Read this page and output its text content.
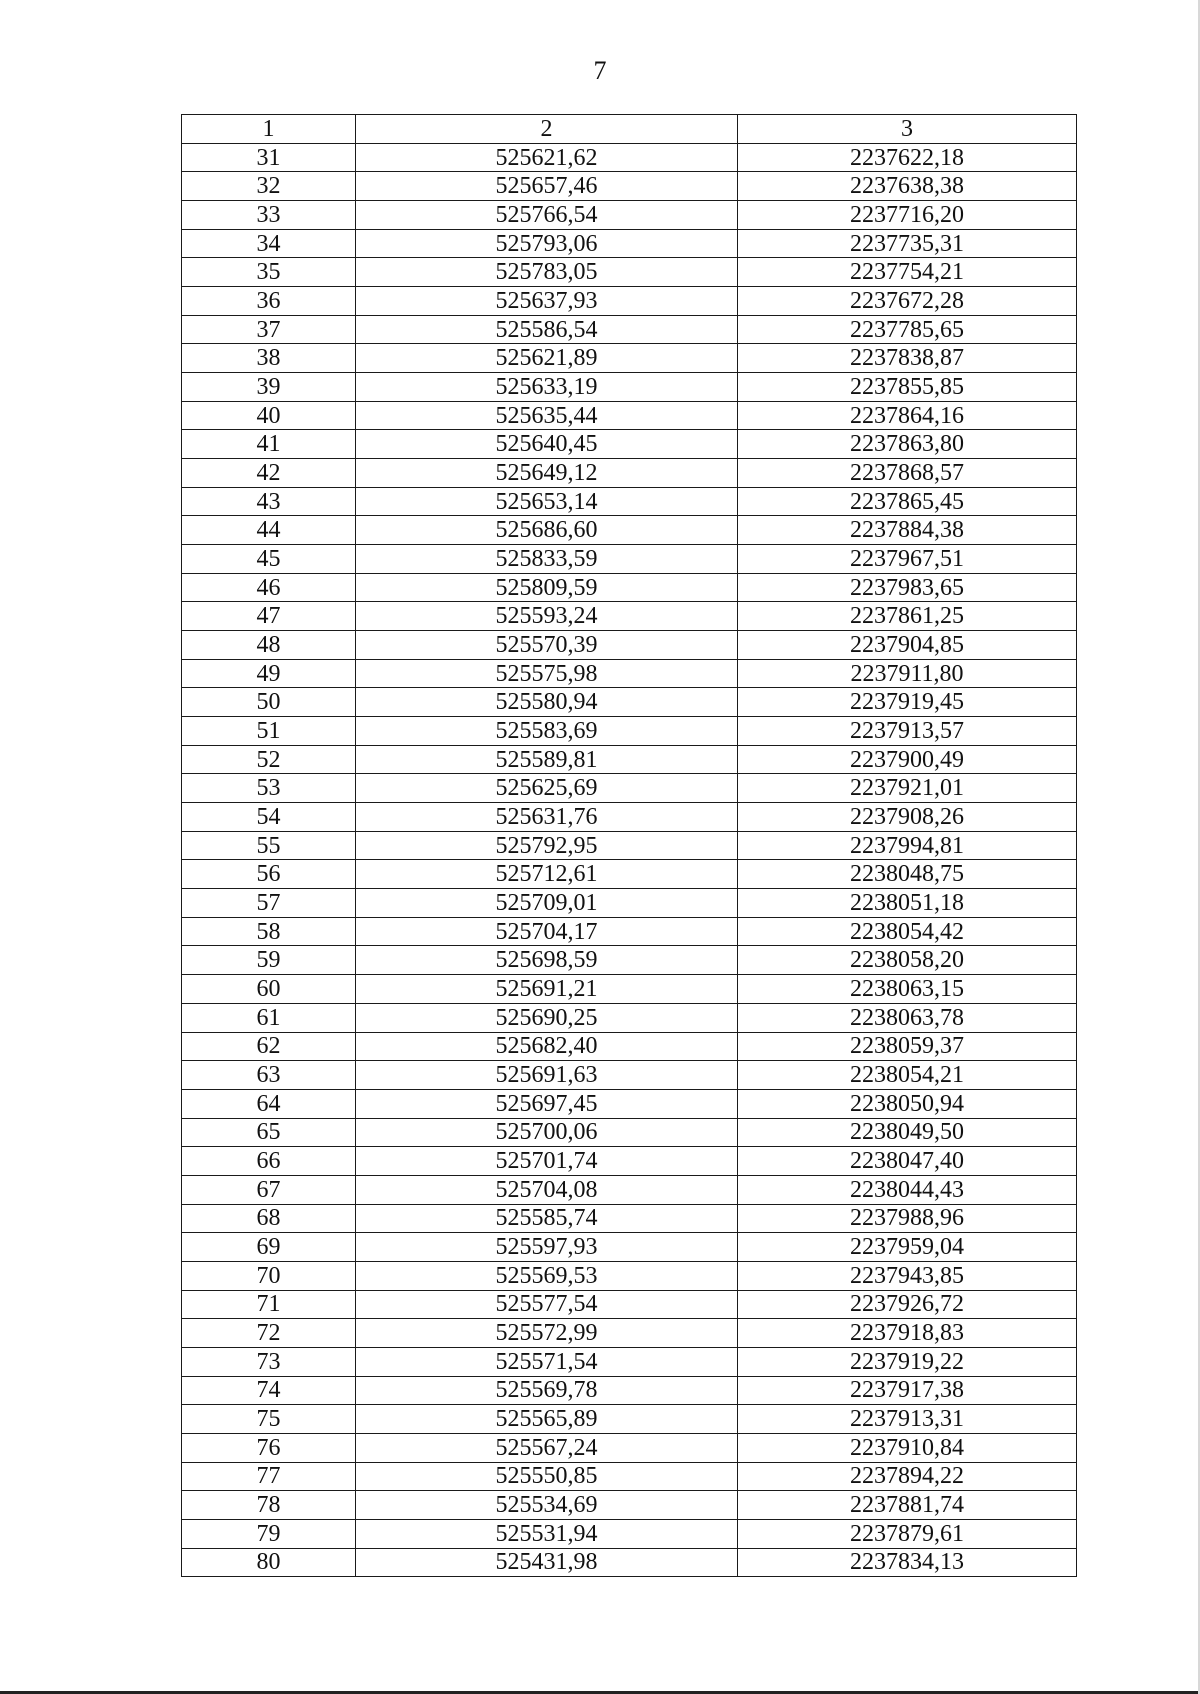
7
1	2	3
31	525621,62	2237622,18
32	525657,46	2237638,38
33	525766,54	2237716,20
34	525793,06	2237735,31
35	525783,05	2237754,21
36	525637,93	2237672,28
37	525586,54	2237785,65
38	525621,89	2237838,87
39	525633,19	2237855,85
40	525635,44	2237864,16
41	525640,45	2237863,80
42	525649,12	2237868,57
43	525653,14	2237865,45
44	525686,60	2237884,38
45	525833,59	2237967,51
46	525809,59	2237983,65
47	525593,24	2237861,25
48	525570,39	2237904,85
49	525575,98	2237911,80
50	525580,94	2237919,45
51	525583,69	2237913,57
52	525589,81	2237900,49
53	525625,69	2237921,01
54	525631,76	2237908,26
55	525792,95	2237994,81
56	525712,61	2238048,75
57	525709,01	2238051,18
58	525704,17	2238054,42
59	525698,59	2238058,20
60	525691,21	2238063,15
61	525690,25	2238063,78
62	525682,40	2238059,37
63	525691,63	2238054,21
64	525697,45	2238050,94
65	525700,06	2238049,50
66	525701,74	2238047,40
67	525704,08	2238044,43
68	525585,74	2237988,96
69	525597,93	2237959,04
70	525569,53	2237943,85
71	525577,54	2237926,72
72	525572,99	2237918,83
73	525571,54	2237919,22
74	525569,78	2237917,38
75	525565,89	2237913,31
76	525567,24	2237910,84
77	525550,85	2237894,22
78	525534,69	2237881,74
79	525531,94	2237879,61
80	525431,98	2237834,13
